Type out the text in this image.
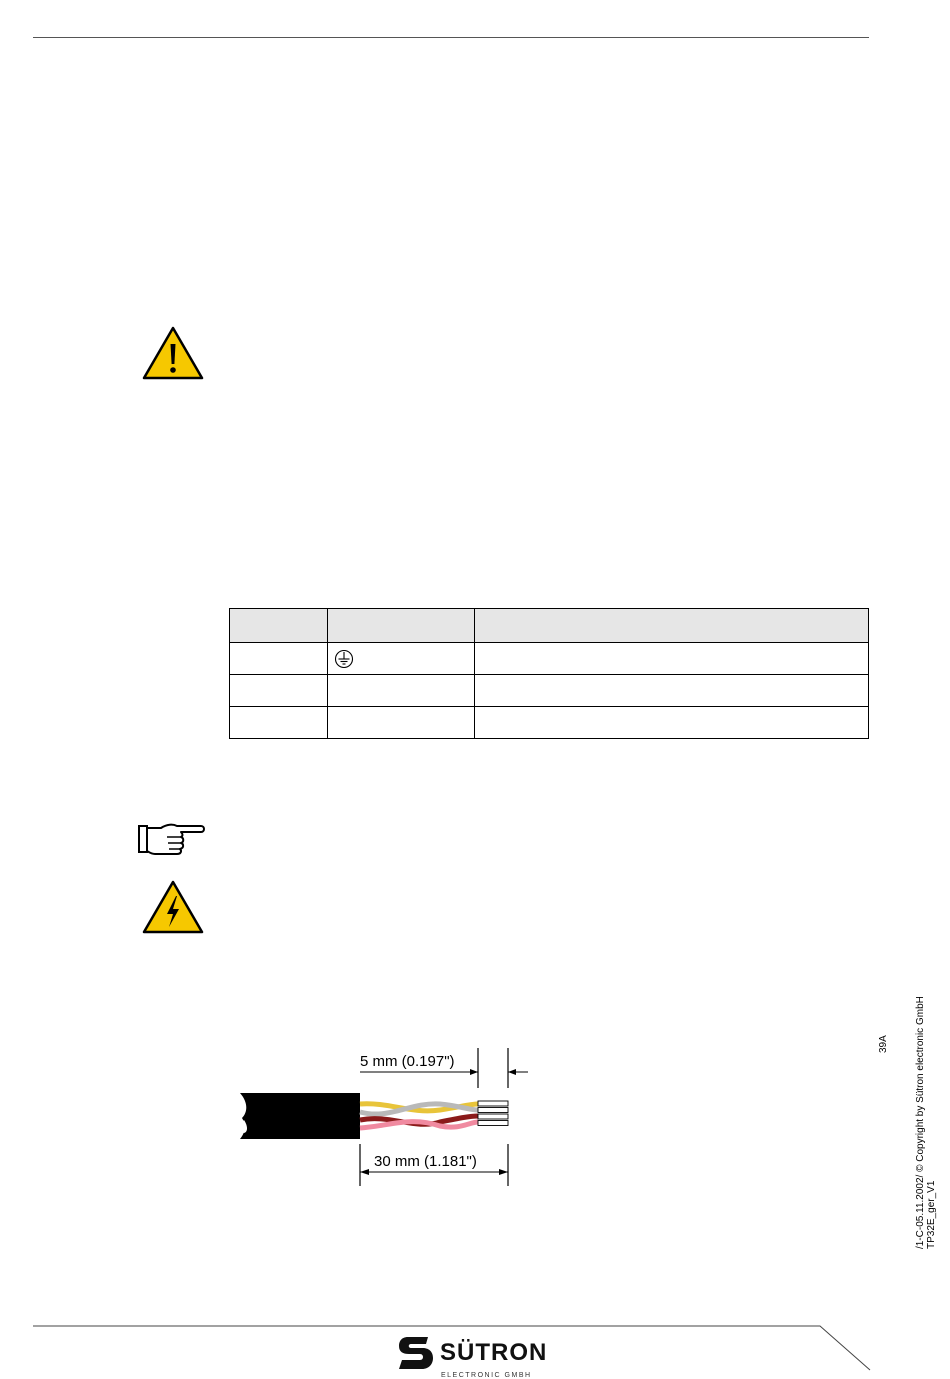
5 mm (0.197")
30 mm (1.181")
39A	/1-C-05.11.2002/ © Copyright by Sütron electronic GmbH TP32E_ger_V1
SÜTRON
ELECTRONIC GMBH
